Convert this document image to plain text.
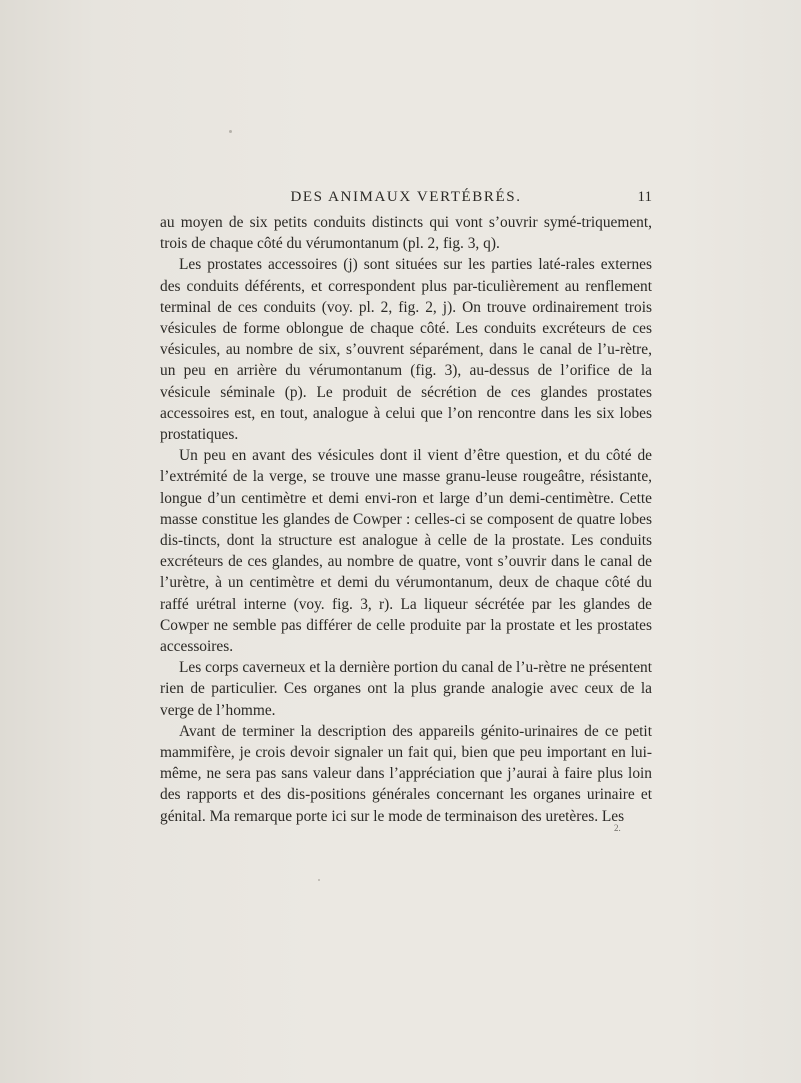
DES ANIMAUX VERTÉBRÉS.	11

au moyen de six petits conduits distincts qui vont s’ouvrir symé-triquement, trois de chaque côté du vérumontanum (pl. 2, fig. 3, q).

Les prostates accessoires (j) sont situées sur les parties laté-rales externes des conduits déférents, et correspondent plus par-ticulièrement au renflement terminal de ces conduits (voy. pl. 2, fig. 2, j). On trouve ordinairement trois vésicules de forme oblongue de chaque côté. Les conduits excréteurs de ces vésicules, au nombre de six, s’ouvrent séparément, dans le canal de l’u-rètre, un peu en arrière du vérumontanum (fig. 3), au-dessus de l’orifice de la vésicule séminale (p). Le produit de sécrétion de ces glandes prostates accessoires est, en tout, analogue à celui que l’on rencontre dans les six lobes prostatiques.

Un peu en avant des vésicules dont il vient d’être question, et du côté de l’extrémité de la verge, se trouve une masse granu-leuse rougeâtre, résistante, longue d’un centimètre et demi envi-ron et large d’un demi-centimètre. Cette masse constitue les glandes de Cowper : celles-ci se composent de quatre lobes dis-tincts, dont la structure est analogue à celle de la prostate. Les conduits excréteurs de ces glandes, au nombre de quatre, vont s’ouvrir dans le canal de l’urètre, à un centimètre et demi du vérumontanum, deux de chaque côté du raffé urétral interne (voy. fig. 3, r). La liqueur sécrétée par les glandes de Cowper ne semble pas différer de celle produite par la prostate et les prostates accessoires.

Les corps caverneux et la dernière portion du canal de l’u-rètre ne présentent rien de particulier. Ces organes ont la plus grande analogie avec ceux de la verge de l’homme.

Avant de terminer la description des appareils génito-urinaires de ce petit mammifère, je crois devoir signaler un fait qui, bien que peu important en lui-même, ne sera pas sans valeur dans l’appréciation que j’aurai à faire plus loin des rapports et des dis-positions générales concernant les organes urinaire et génital. Ma remarque porte ici sur le mode de terminaison des uretères. Les

2.
